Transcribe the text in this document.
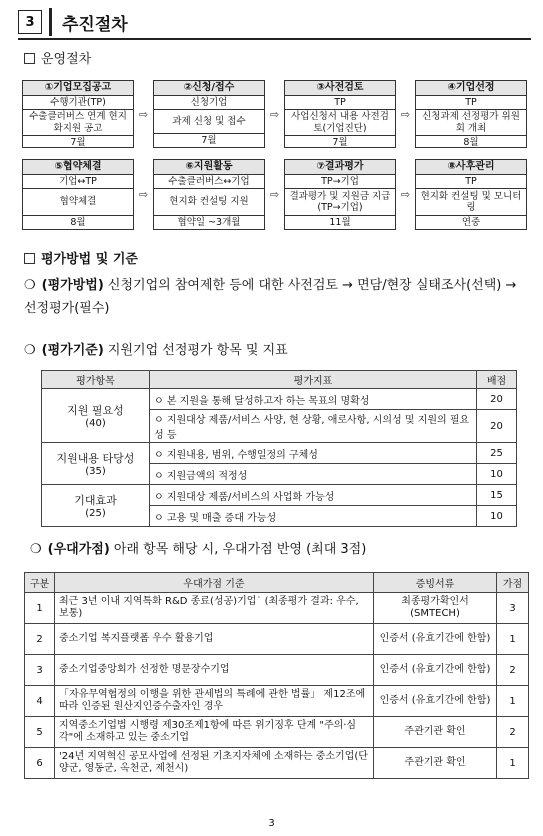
3	추진절차
운영절차
①기업모집공고
수행기관(TP)
수출클러버스 연계 현지화지원 공고
7월
⇨
②신청/접수
신청기업
과제 신청 및 접수
7월
⇨
③사전검토
TP
사업신청서 내용 사전검토(기업진단)
7월
⇨
④기업선정
TP
신청과제 선정평가 위원회 개최
8월
⑤협약체결
기업↔TP
협약체결
8월
⇨
⑥지원활동
수출클러버스↔기업
현지화 컨설팅 지원
협약일 ~3개월
⇨
⑦결과평가
TP→기업
결과평가 및 지원금 지급(TP→기업)
11월
⇨
⑧사후관리
TP
현지화 컨설팅 및 모니터링
연중
평가방법 및 기준
❍ (평가방법) 신청기업의 참여제한 등에 대한 사전검토 → 면담/현장 실태조사(선택) → 선정평가(필수)
❍ (평가기준) 지원기업 선정평가 항목 및 지표
평가항목	평가지표	배점

지원 필요성
(40)	ㅇ 본 지원을 통해 달성하고자 하는 목표의 명확성	20
	ㅇ 지원대상 제품/서비스 사양, 현 상황, 애로사항, 시의성 및 지원의 필요성 등	20

지원내용 타당성
(35)	ㅇ 지원내용, 범위, 수행일정의 구체성	25
	ㅇ 지원금액의 적정성	10

기대효과
(25)	ㅇ 지원대상 제품/서비스의 사업화 가능성	15
	ㅇ 고용 및 매출 증대 가능성	10
❍ (우대가점) 아래 항목 해당 시, 우대가점 반영 (최대 3점)
구분	우대가점 기준	증빙서류	가점
1	최근 3년 이내 지역특화 R&D 종료(성공)기업˙ (최종평가 결과: 우수, 보통)	최종평가확인서(SMTECH)	3
2	중소기업 복지플랫폼 우수 활용기업	인증서 (유효기간에 한함)	1
3	중소기업중앙회가 선정한 명문장수기업	인증서 (유효기간에 한함)	2
4	「자유무역협정의 이행을 위한 관세법의 특례에 관한 법률」 제12조에 따라 인증된 원산지인증수출자인 경우	인증서 (유효기간에 한함)	1
5	지역중소기업법 시행령 제30조제1항에 따른 위기징후 단계 "주의·심각"에 소재하고 있는 중소기업	주관기관 확인	2
6	'24년 지역혁신 공모사업에 선정된 기초지자체에 소재하는 중소기업(단양군, 영동군, 옥천군, 제천시)	주관기관 확인	1
3
